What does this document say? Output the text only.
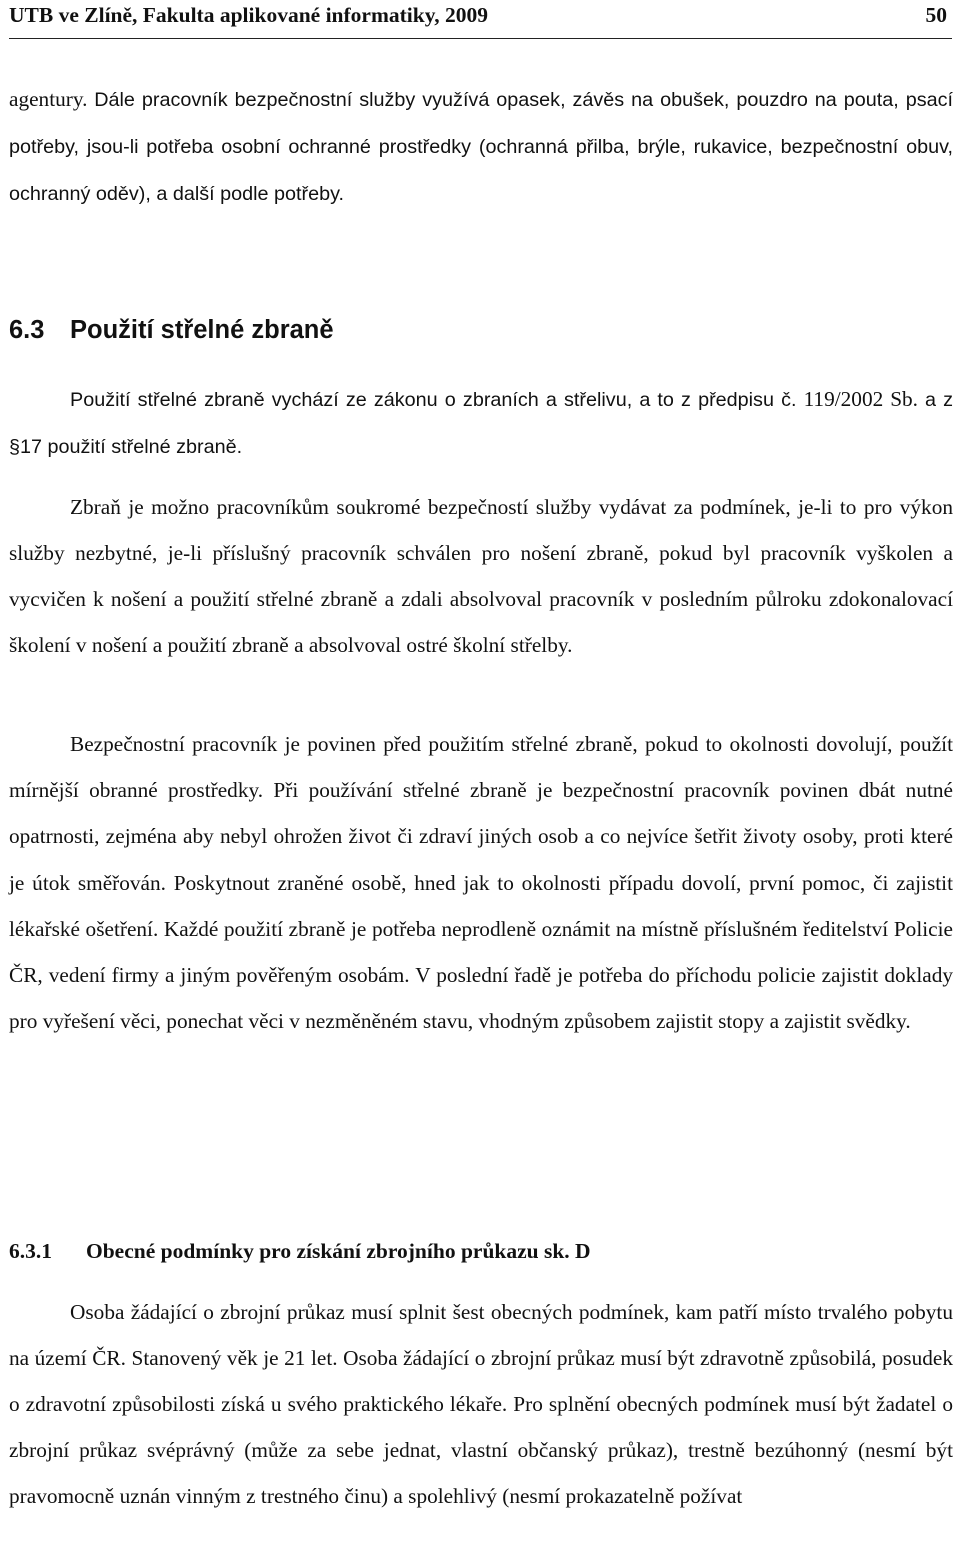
UTB ve Zlíně, Fakulta aplikované informatiky, 2009	50

agentury. Dále pracovník bezpečnostní služby využívá opasek, závěs na obušek, pouzdro na pouta, psací potřeby, jsou-li potřeba osobní ochranné prostředky (ochranná přilba, brýle, rukavice, bezpečnostní obuv, ochranný oděv), a další podle potřeby.

6.3 Použití střelné zbraně

Použití střelné zbraně vychází ze zákonu o zbraních a střelivu, a to z předpisu č. 119/2002 Sb. a z §17 použití střelné zbraně.

Zbraň je možno pracovníkům soukromé bezpečností služby vydávat za podmínek, je-li to pro výkon služby nezbytné, je-li příslušný pracovník schválen pro nošení zbraně, pokud byl pracovník vyškolen a vycvičen k nošení a použití střelné zbraně a zdali absolvoval pracovník v posledním půlroku zdokonalovací školení v nošení a použití zbraně a absolvoval ostré školní střelby.

Bezpečnostní pracovník je povinen před použitím střelné zbraně, pokud to okolnosti dovolují, použít mírnější obranné prostředky. Při používání střelné zbraně je bezpečnostní pracovník povinen dbát nutné opatrnosti, zejména aby nebyl ohrožen život či zdraví jiných osob a co nejvíce šetřit životy osoby, proti které je útok směřován. Poskytnout zraněné osobě, hned jak to okolnosti případu dovolí, první pomoc, či zajistit lékařské ošetření. Každé použití zbraně je potřeba neprodleně oznámit na místně příslušném ředitelství Policie ČR, vedení firmy a jiným pověřeným osobám. V poslední řadě je potřeba do příchodu policie zajistit doklady pro vyřešení věci, ponechat věci v nezměněném stavu, vhodným způsobem zajistit stopy a zajistit svědky.

6.3.1 Obecné podmínky pro získání zbrojního průkazu sk. D

Osoba žádající o zbrojní průkaz musí splnit šest obecných podmínek, kam patří místo trvalého pobytu na území ČR. Stanovený věk je 21 let. Osoba žádající o zbrojní průkaz musí být zdravotně způsobilá, posudek o zdravotní způsobilosti získá u svého praktického lékaře. Pro splnění obecných podmínek musí být žadatel o zbrojní průkaz svéprávný (může za sebe jednat, vlastní občanský průkaz), trestně bezúhonný (nesmí být pravomocně uznán vinným z trestného činu) a spolehlivý (nesmí prokazatelně požívat
